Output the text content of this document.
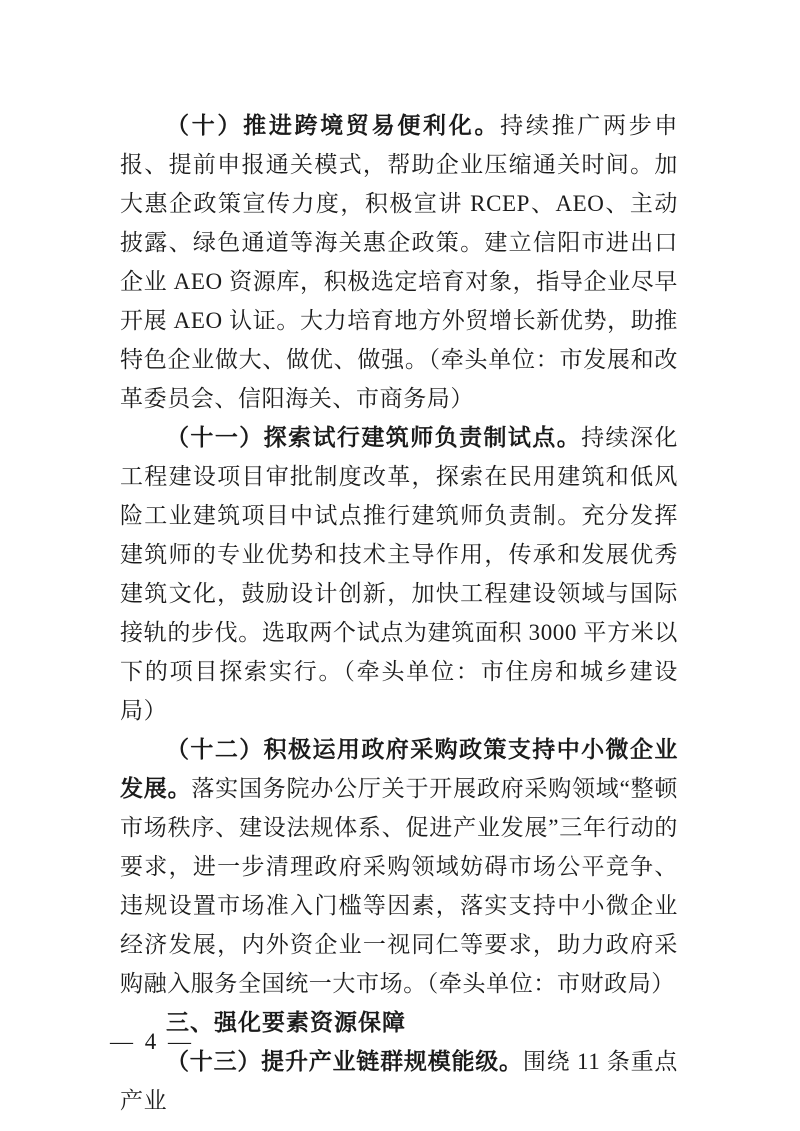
（十）推进跨境贸易便利化。持续推广两步申报、提前申报通关模式，帮助企业压缩通关时间。加大惠企政策宣传力度，积极宣讲 RCEP、AEO、主动披露、绿色通道等海关惠企政策。建立信阳市进出口企业 AEO 资源库，积极选定培育对象，指导企业尽早开展 AEO 认证。大力培育地方外贸增长新优势，助推特色企业做大、做优、做强。（牵头单位：市发展和改革委员会、信阳海关、市商务局）

（十一）探索试行建筑师负责制试点。持续深化工程建设项目审批制度改革，探索在民用建筑和低风险工业建筑项目中试点推行建筑师负责制。充分发挥建筑师的专业优势和技术主导作用，传承和发展优秀建筑文化，鼓励设计创新，加快工程建设领域与国际接轨的步伐。选取两个试点为建筑面积 3000 平方米以下的项目探索实行。（牵头单位：市住房和城乡建设局）

（十二）积极运用政府采购政策支持中小微企业发展。落实国务院办公厅关于开展政府采购领域“整顿市场秩序、建设法规体系、促进产业发展”三年行动的要求，进一步清理政府采购领域妨碍市场公平竞争、违规设置市场准入门槛等因素，落实支持中小微企业经济发展，内外资企业一视同仁等要求，助力政府采购融入服务全国统一大市场。（牵头单位：市财政局）

三、强化要素资源保障

（十三）提升产业链群规模能级。围绕 11 条重点产业

— 4 —
